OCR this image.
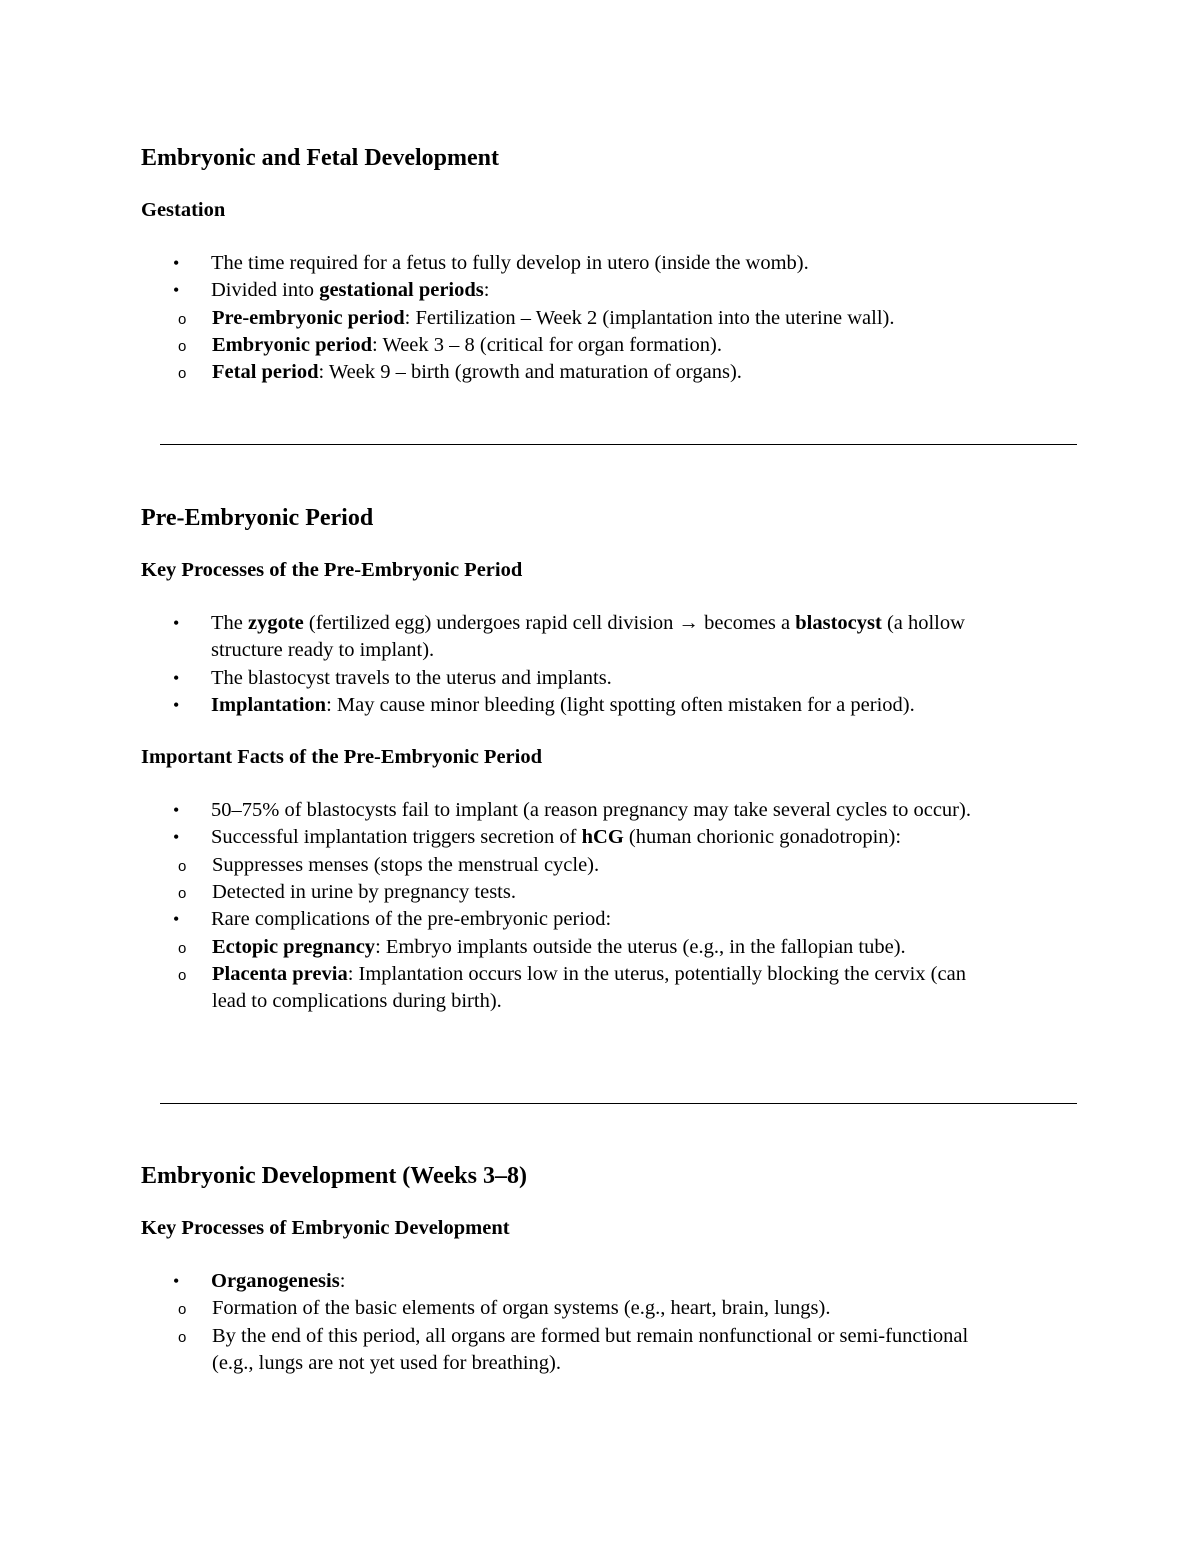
Embryonic and Fetal Development
Gestation
• The time required for a fetus to fully develop in utero (inside the womb).
• Divided into gestational periods:
o Pre-embryonic period: Fertilization – Week 2 (implantation into the uterine wall).
o Embryonic period: Week 3 – 8 (critical for organ formation).
o Fetal period: Week 9 – birth (growth and maturation of organs).
Pre-Embryonic Period
Key Processes of the Pre-Embryonic Period
• The zygote (fertilized egg) undergoes rapid cell division → becomes a blastocyst (a hollow structure ready to implant).
• The blastocyst travels to the uterus and implants.
• Implantation: May cause minor bleeding (light spotting often mistaken for a period).
Important Facts of the Pre-Embryonic Period
• 50–75% of blastocysts fail to implant (a reason pregnancy may take several cycles to occur).
• Successful implantation triggers secretion of hCG (human chorionic gonadotropin):
o Suppresses menses (stops the menstrual cycle).
o Detected in urine by pregnancy tests.
• Rare complications of the pre-embryonic period:
o Ectopic pregnancy: Embryo implants outside the uterus (e.g., in the fallopian tube).
o Placenta previa: Implantation occurs low in the uterus, potentially blocking the cervix (can lead to complications during birth).
Embryonic Development (Weeks 3–8)
Key Processes of Embryonic Development
• Organogenesis:
o Formation of the basic elements of organ systems (e.g., heart, brain, lungs).
o By the end of this period, all organs are formed but remain nonfunctional or semi-functional (e.g., lungs are not yet used for breathing).
